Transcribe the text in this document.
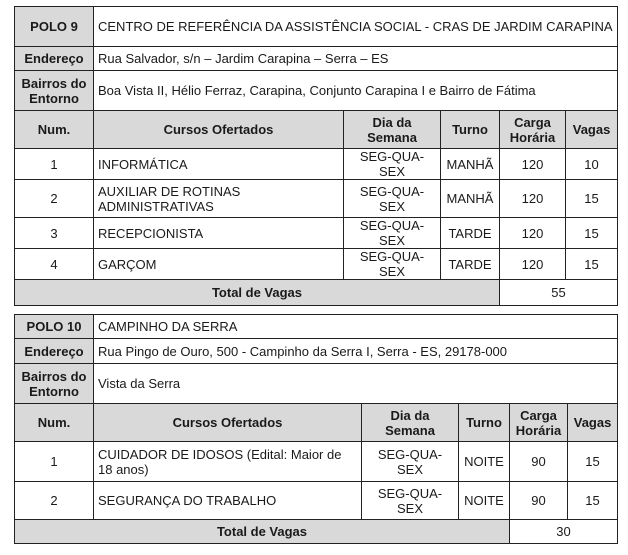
POLO 9	CENTRO DE REFERÊNCIA DA ASSISTÊNCIA SOCIAL - CRAS DE JARDIM CARAPINA				
Endereço	Rua Salvador, s/n – Jardim Carapina – Serra – ES				
Bairros do Entorno	Boa Vista II, Hélio Ferraz, Carapina, Conjunto Carapina I e Bairro de Fátima				
Num.	Cursos Ofertados	Dia da Semana	Turno	Carga Horária	Vagas
1	INFORMÁTICA	SEG-QUA-SEX	MANHÃ	120	10
2	AUXILIAR DE ROTINAS ADMINISTRATIVAS	SEG-QUA-SEX	MANHÃ	120	15
3	RECEPCIONISTA	SEG-QUA-SEX	TARDE	120	15
4	GARÇOM	SEG-QUA-SEX	TARDE	120	15
Total de Vagas				55	
POLO 10	CAMPINHO DA SERRA				
Endereço	Rua Pingo de Ouro, 500 - Campinho da Serra I, Serra - ES, 29178-000				
Bairros do Entorno	Vista da Serra				
Num.	Cursos Ofertados	Dia da Semana	Turno	Carga Horária	Vagas
1	CUIDADOR DE IDOSOS (Edital: Maior de 18 anos)	SEG-QUA-SEX	NOITE	90	15
2	SEGURANÇA DO TRABALHO	SEG-QUA-SEX	NOITE	90	15
Total de Vagas				30	
